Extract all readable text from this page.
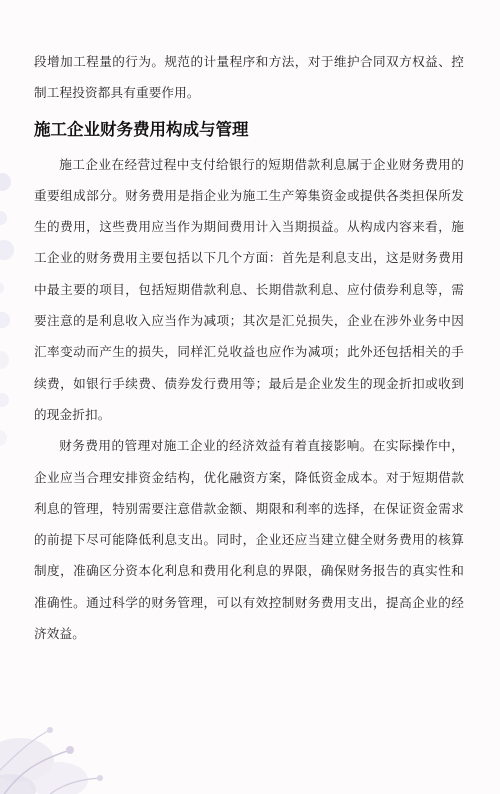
段增加工程量的行为。规范的计量程序和方法，对于维护合同双方权益、控制工程投资都具有重要作用。

施工企业财务费用构成与管理

施工企业在经营过程中支付给银行的短期借款利息属于企业财务费用的重要组成部分。财务费用是指企业为施工生产筹集资金或提供各类担保所发生的费用，这些费用应当作为期间费用计入当期损益。从构成内容来看，施工企业的财务费用主要包括以下几个方面：首先是利息支出，这是财务费用中最主要的项目，包括短期借款利息、长期借款利息、应付债券利息等，需要注意的是利息收入应当作为减项；其次是汇兑损失，企业在涉外业务中因汇率变动而产生的损失，同样汇兑收益也应作为减项；此外还包括相关的手续费，如银行手续费、债券发行费用等；最后是企业发生的现金折扣或收到的现金折扣。

财务费用的管理对施工企业的经济效益有着直接影响。在实际操作中，企业应当合理安排资金结构，优化融资方案，降低资金成本。对于短期借款利息的管理，特别需要注意借款金额、期限和利率的选择，在保证资金需求的前提下尽可能降低利息支出。同时，企业还应当建立健全财务费用的核算制度，准确区分资本化利息和费用化利息的界限，确保财务报告的真实性和准确性。通过科学的财务管理，可以有效控制财务费用支出，提高企业的经济效益。
